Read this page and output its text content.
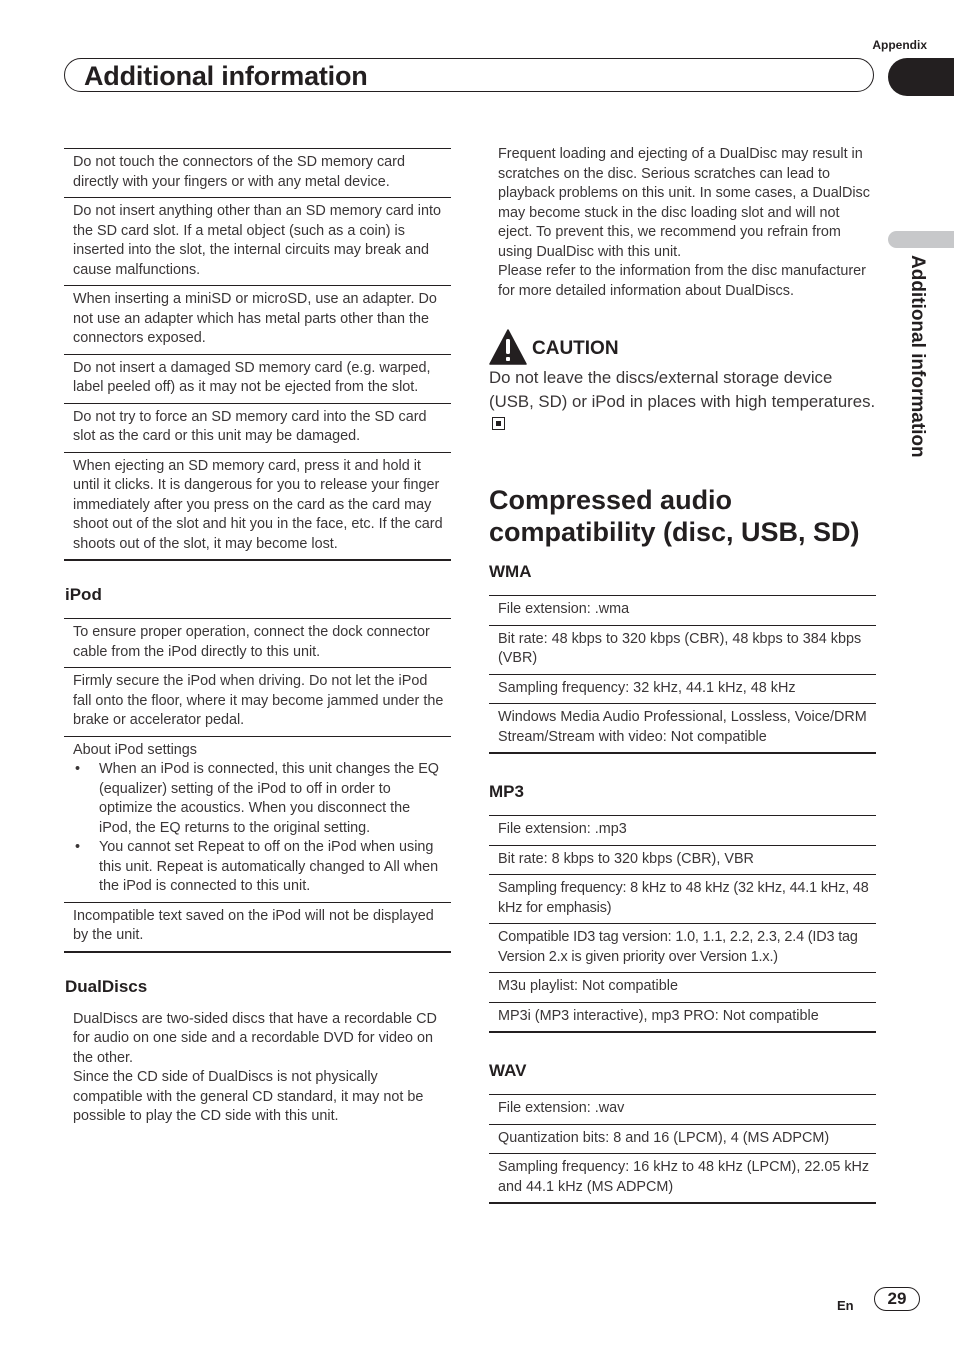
Appendix
Additional information
Additional information
Do not touch the connectors of the SD memory card directly with your fingers or with any metal device.
Do not insert anything other than an SD memory card into the SD card slot. If a metal object (such as a coin) is inserted into the slot, the internal circuits may break and cause malfunctions.
When inserting a miniSD or microSD, use an adapter. Do not use an adapter which has metal parts other than the connectors exposed.
Do not insert a damaged SD memory card (e.g. warped, label peeled off) as it may not be ejected from the slot.
Do not try to force an SD memory card into the SD card slot as the card or this unit may be damaged.
When ejecting an SD memory card, press it and hold it until it clicks. It is dangerous for you to release your finger immediately after you press on the card as the card may shoot out of the slot and hit you in the face, etc. If the card shoots out of the slot, it may become lost.
iPod
To ensure proper operation, connect the dock connector cable from the iPod directly to this unit.
Firmly secure the iPod when driving. Do not let the iPod fall onto the floor, where it may become jammed under the brake or accelerator pedal.
About iPod settings
• When an iPod is connected, this unit changes the EQ (equalizer) setting of the iPod to off in order to optimize the acoustics. When you disconnect the iPod, the EQ returns to the original setting.
• You cannot set Repeat to off on the iPod when using this unit. Repeat is automatically changed to All when the iPod is connected to this unit.
Incompatible text saved on the iPod will not be displayed by the unit.
DualDiscs
DualDiscs are two-sided discs that have a recordable CD for audio on one side and a recordable DVD for video on the other.
Since the CD side of DualDiscs is not physically compatible with the general CD standard, it may not be possible to play the CD side with this unit.
Frequent loading and ejecting of a DualDisc may result in scratches on the disc. Serious scratches can lead to playback problems on this unit. In some cases, a DualDisc may become stuck in the disc loading slot and will not eject. To prevent this, we recommend you refrain from using DualDisc with this unit.
Please refer to the information from the disc manufacturer for more detailed information about DualDiscs.
CAUTION
Do not leave the discs/external storage device (USB, SD) or iPod in places with high temperatures.
Compressed audio compatibility (disc, USB, SD)
WMA
File extension: .wma
Bit rate: 48 kbps to 320 kbps (CBR), 48 kbps to 384 kbps (VBR)
Sampling frequency: 32 kHz, 44.1 kHz, 48 kHz
Windows Media Audio Professional, Lossless, Voice/DRM Stream/Stream with video: Not compatible
MP3
File extension: .mp3
Bit rate: 8 kbps to 320 kbps (CBR), VBR
Sampling frequency: 8 kHz to 48 kHz (32 kHz, 44.1 kHz, 48 kHz for emphasis)
Compatible ID3 tag version: 1.0, 1.1, 2.2, 2.3, 2.4 (ID3 tag Version 2.x is given priority over Version 1.x.)
M3u playlist: Not compatible
MP3i (MP3 interactive), mp3 PRO: Not compatible
WAV
File extension: .wav
Quantization bits: 8 and 16 (LPCM), 4 (MS ADPCM)
Sampling frequency: 16 kHz to 48 kHz (LPCM), 22.05 kHz and 44.1 kHz (MS ADPCM)
En	29
